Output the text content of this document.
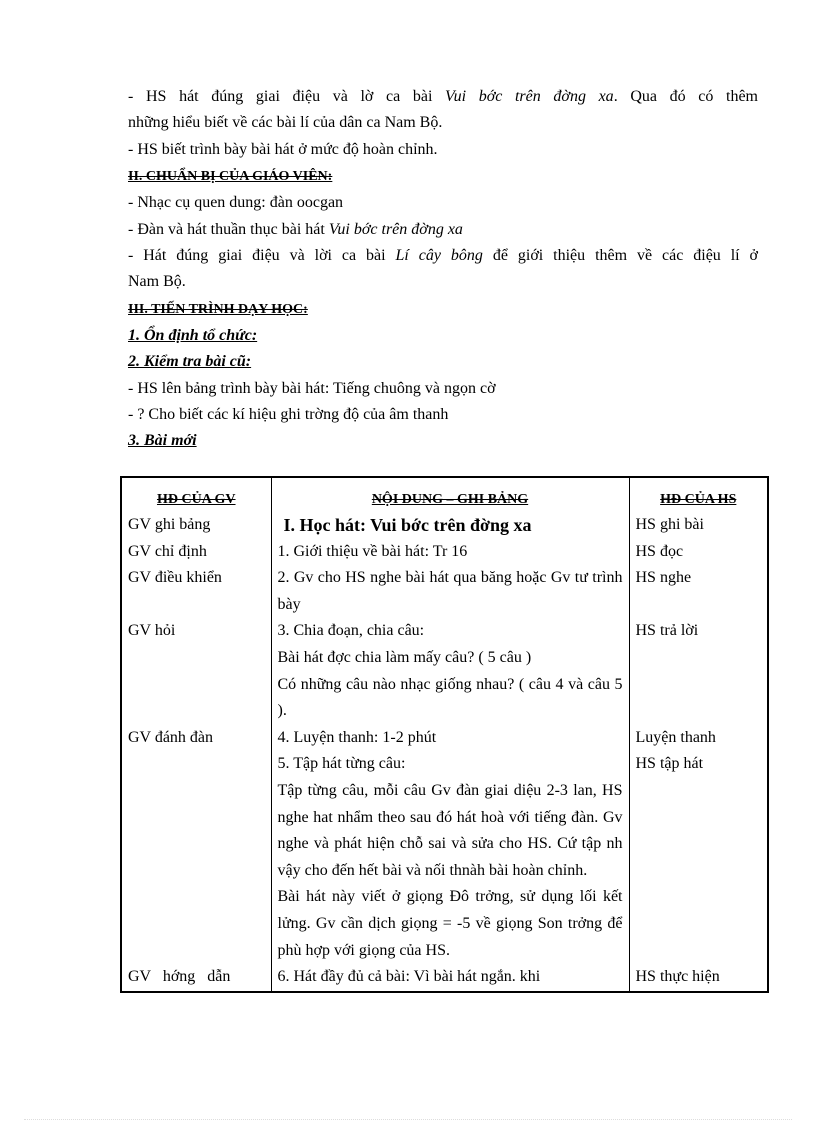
- HS hát đúng giai điệu và lờ ca bài Vui bớc trên đờng xa. Qua đó có thêm
những hiểu biết về các bài lí của dân ca Nam Bộ.
- HS biết trình bày bài hát ở mức độ hoàn chỉnh.
II. CHUẨN BỊ CỦA GIÁO VIÊN:
- Nhạc cụ quen dung: đàn oocgan
- Đàn và hát thuần thục bài hát Vui bớc trên đờng xa
- Hát đúng giai điệu và lời ca bài Lí cây bông để giới thiệu thêm về các điệu lí ở
Nam Bộ.
III. TIẾN TRÌNH DẠY HỌC:
1. Ổn định tổ chức:
2. Kiểm tra bài cũ:
- HS lên bảng trình bày bài hát: Tiếng chuông và ngọn cờ
- ? Cho biết các kí hiệu ghi trờng độ của âm thanh
3. Bài mới
HĐ CỦA GV	NỘI DUNG – GHI BẢNG	HĐ CỦA HS
GV ghi bảng	I. Học hát: Vui bớc trên đờng xa	HS ghi bài
GV chỉ định	1. Giới thiệu về bài hát: Tr 16	HS đọc
GV điều khiển	2. Gv cho HS nghe bài hát qua băng hoặc Gv tư trình bày	HS nghe
GV hỏi	3. Chia đoạn, chia câu:	HS trả lời
	Bài hát đợc chia làm mấy câu? ( 5 câu )	
	Có những câu nào nhạc giống nhau? ( câu 4 và câu 5 ).	
GV đánh đàn	4. Luyện thanh: 1-2 phút	Luyện thanh
	5. Tập hát từng câu:	HS tập hát
	Tập từng câu, mỗi câu Gv đàn giai diệu 2-3 lan, HS nghe hat nhẩm theo sau đó hát hoà với tiếng đàn. Gv nghe và phát hiện chỗ sai và sửa cho HS. Cứ tập nh vậy cho đến hết bài và nối thnàh bài hoàn chỉnh.	
	Bài hát này viết ở giọng Đô trởng, sử dụng lối kết lửng. Gv cần dịch giọng = -5 về giọng Son trởng để phù hợp với giọng của HS.	
GV hớng dẫn	6. Hát đầy đủ cả bài: Vì bài hát ngắn. khi	HS thực hiện
